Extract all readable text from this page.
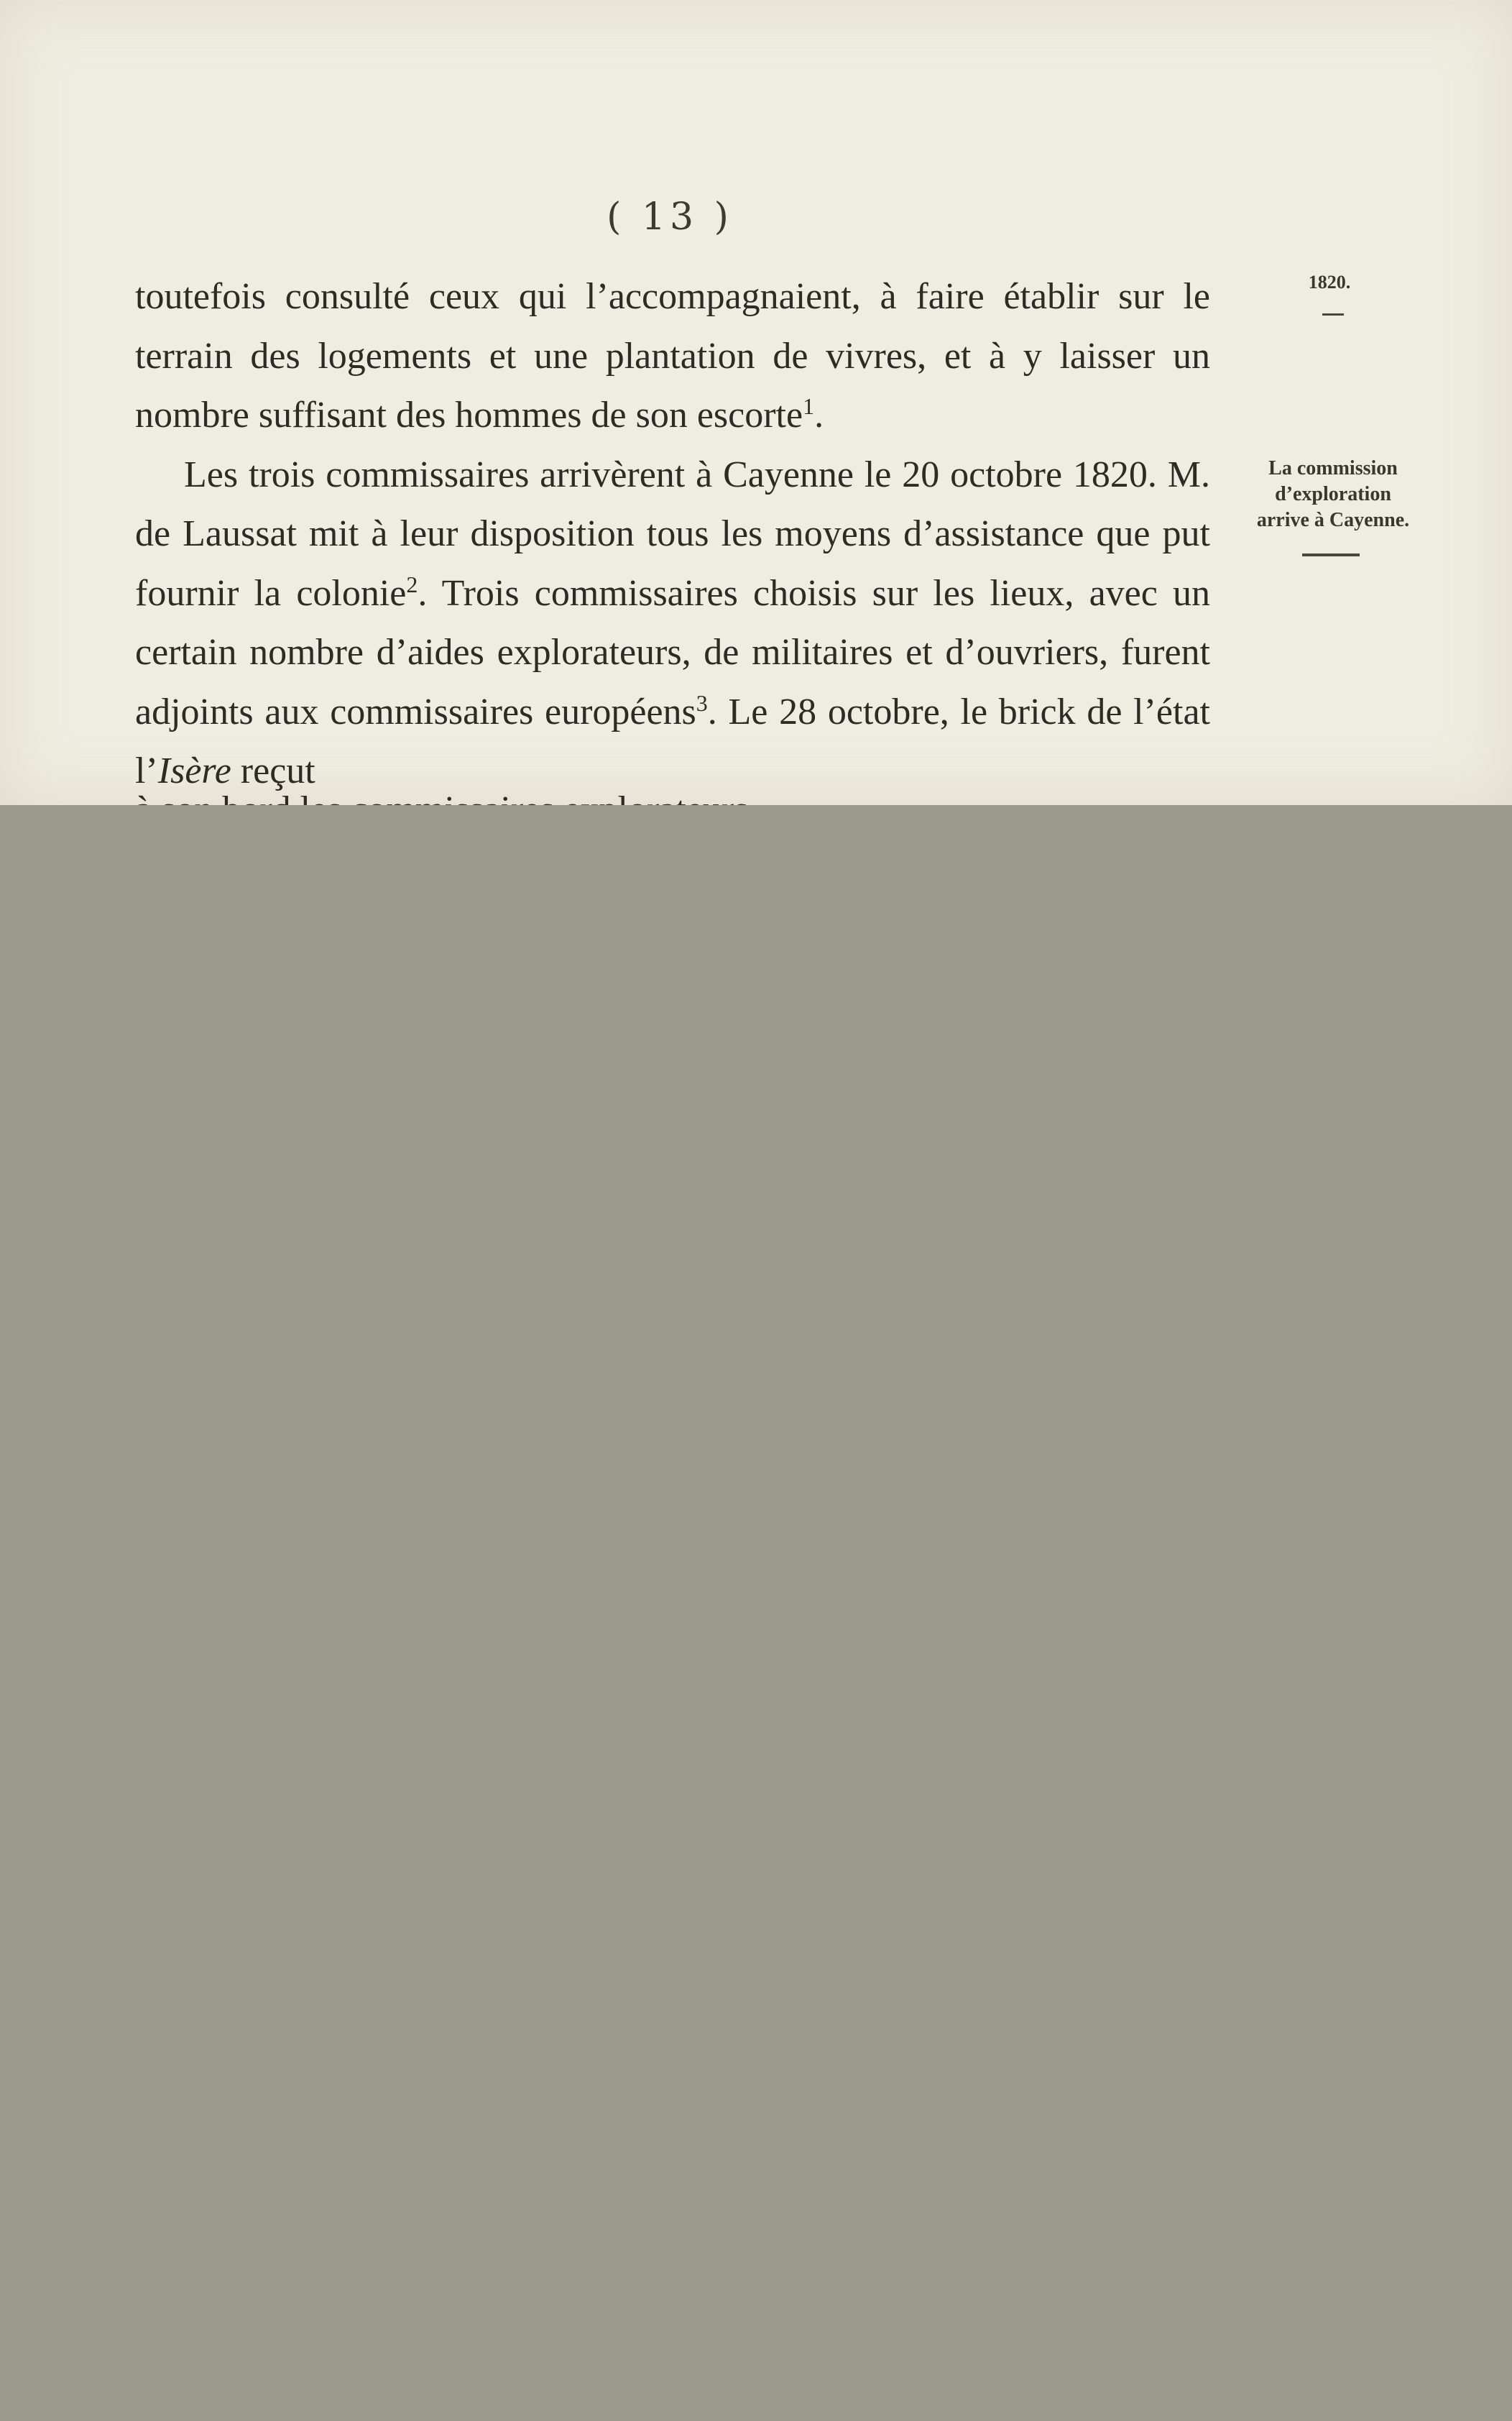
( 13 )

toutefois consulté ceux qui l’accompagnaient, à faire établir sur le terrain des logements et une plantation de vivres, et à y laisser un nombre suffisant des hommes de son escorte$^1$.

Les trois commissaires arrivèrent à Cayenne le 20 octobre 1820. M. de Laussat mit à leur disposition tous les moyens d’assistance que put fournir la colonie$^2$. Trois commissaires choisis sur les lieux, avec un certain nombre d’aides explorateurs, de militaires et d’ouvriers, furent adjoints aux commissaires européens$^3$. Le 28 octobre, le brick de l’état l’Isère reçut

1820.
La commission
d’exploration
arrive à Cayenne.
